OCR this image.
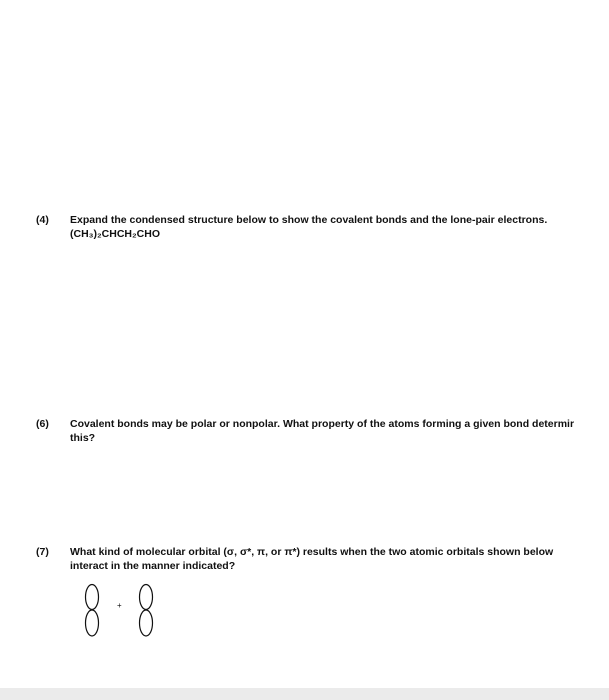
(4) Expand the condensed structure below to show the covalent bonds and the lone-pair electrons.
(CH₃)₂CHCH₂CHO
(6) Covalent bonds may be polar or nonpolar. What property of the atoms forming a given bond determir
this?
(7) What kind of molecular orbital (σ, σ*, π, or π*) results when the two atomic orbitals shown below
interact in the manner indicated?
+
